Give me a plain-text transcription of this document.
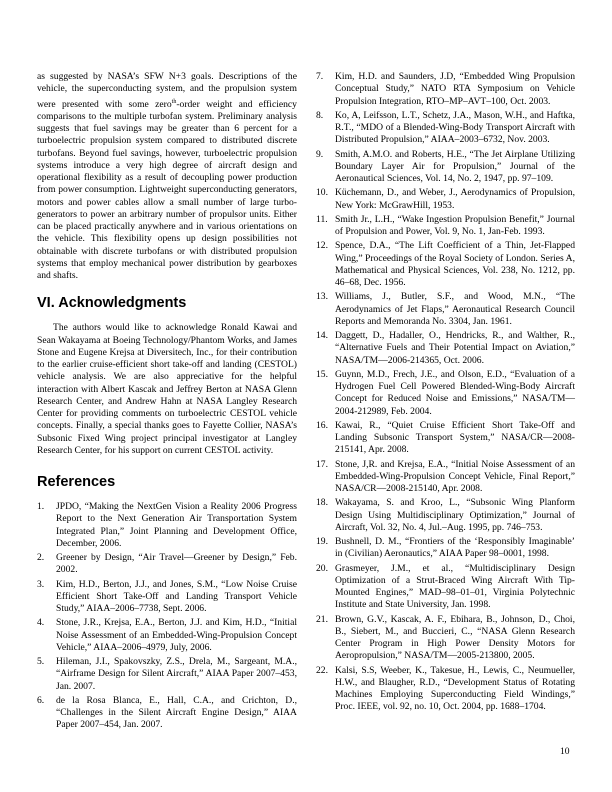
as suggested by NASA’s SFW N+3 goals. Descriptions of the vehicle, the superconducting system, and the propulsion system were presented with some zero$^{th}$-order weight and efficiency comparisons to the multiple turbofan system. Preliminary analysis suggests that fuel savings may be greater than 6 percent for a turboelectric propulsion system compared to distributed discrete turbofans. Beyond fuel savings, however, turboelectric propulsion systems introduce a very high degree of aircraft design and operational flexibility as a result of decoupling power production from power consumption. Lightweight superconducting generators, motors and power cables allow a small number of large turbo-generators to power an arbitrary number of propulsor units. Either can be placed practically anywhere and in various orientations on the vehicle. This flexibility opens up design possibilities not obtainable with discrete turbofans or with distributed propulsion systems that employ mechanical power distribution by gearboxes and shafts.

VI. Acknowledgments

The authors would like to acknowledge Ronald Kawai and Sean Wakayama at Boeing Technology/Phantom Works, and James Stone and Eugene Krejsa at Diversitech, Inc., for their contribution to the earlier cruise-efficient short take-off and landing (CESTOL) vehicle analysis. We are also appreciative for the helpful interaction with Albert Kascak and Jeffrey Berton at NASA Glenn Research Center, and Andrew Hahn at NASA Langley Research Center for providing comments on turboelectric CESTOL vehicle concepts. Finally, a special thanks goes to Fayette Collier, NASA’s Subsonic Fixed Wing project principal investigator at Langley Research Center, for his support on current CESTOL activity.

References
1.	JPDO, “Making the NextGen Vision a Reality 2006 Progress Report to the Next Generation Air Transportation System Integrated Plan,” Joint Planning and Development Office, December, 2006.
2.	Greener by Design, “Air Travel—Greener by Design,” Feb. 2002.
3.	Kim, H.D., Berton, J.J., and Jones, S.M., “Low Noise Cruise Efficient Short Take-Off and Landing Transport Vehicle Study,” AIAA–2006–7738, Sept. 2006.
4.	Stone, J.R., Krejsa, E.A., Berton, J.J. and Kim, H.D., “Initial Noise Assessment of an Embedded-Wing-Propulsion Concept Vehicle,” AIAA–2006–4979, July, 2006.
5.	Hileman, J.I., Spakovszky, Z.S., Drela, M., Sargeant, M.A., “Airframe Design for Silent Aircraft,” AIAA Paper 2007–453, Jan. 2007.
6.	de la Rosa Blanca, E., Hall, C.A., and Crichton, D., “Challenges in the Silent Aircraft Engine Design,” AIAA Paper 2007–454, Jan. 2007.
7.	Kim, H.D. and Saunders, J.D, “Embedded Wing Propulsion Conceptual Study,” NATO RTA Symposium on Vehicle Propulsion Integration, RTO–MP–AVT–100, Oct. 2003.
8.	Ko, A, Leifsson, L.T., Schetz, J.A., Mason, W.H., and Haftka, R.T., “MDO of a Blended-Wing-Body Transport Aircraft with Distributed Propulsion,” AIAA–2003–6732, Nov. 2003.
9.	Smith, A.M.O. and Roberts, H.E., “The Jet Airplane Utilizing Boundary Layer Air for Propulsion,” Journal of the Aeronautical Sciences, Vol. 14, No. 2, 1947, pp. 97–109.
10. Küchemann, D., and Weber, J., Aerodynamics of Propulsion, New York: McGrawHill, 1953.
11. Smith Jr., L.H., “Wake Ingestion Propulsion Benefit,” Journal of Propulsion and Power, Vol. 9, No. 1, Jan-Feb. 1993.
12. Spence, D.A., “The Lift Coefficient of a Thin, Jet-Flapped Wing,” Proceedings of the Royal Society of London. Series A, Mathematical and Physical Sciences, Vol. 238, No. 1212, pp. 46–68, Dec. 1956.
13. Williams, J., Butler, S.F., and Wood, M.N., “The Aerodynamics of Jet Flaps,” Aeronautical Research Council Reports and Memoranda No. 3304, Jan. 1961.
14. Daggett, D., Hadaller, O., Hendricks, R., and Walther, R., “Alternative Fuels and Their Potential Impact on Aviation,” NASA/TM—2006-214365, Oct. 2006.
15. Guynn, M.D., Frech, J.E., and Olson, E.D., “Evaluation of a Hydrogen Fuel Cell Powered Blended-Wing-Body Aircraft Concept for Reduced Noise and Emissions,” NASA/TM—2004-212989, Feb. 2004.
16. Kawai, R., “Quiet Cruise Efficient Short Take-Off and Landing Subsonic Transport System,” NASA/CR—2008-215141, Apr. 2008.
17. Stone, J,R. and Krejsa, E.A., “Initial Noise Assessment of an Embedded-Wing-Propulsion Concept Vehicle, Final Report,” NASA/CR—2008-215140, Apr. 2008.
18. Wakayama, S. and Kroo, L., “Subsonic Wing Planform Design Using Multidisciplinary Optimization,” Journal of Aircraft, Vol. 32, No. 4, Jul.–Aug. 1995, pp. 746–753.
19. Bushnell, D. M., “Frontiers of the ‘Responsibly Imaginable’ in (Civilian) Aeronautics,” AIAA Paper 98–0001, 1998.
20. Grasmeyer, J.M., et al., “Multidisciplinary Design Optimization of a Strut-Braced Wing Aircraft With Tip-Mounted Engines,” MAD–98–01–01, Virginia Polytechnic Institute and State University, Jan. 1998.
21. Brown, G.V., Kascak, A. F., Ebihara, B., Johnson, D., Choi, B., Siebert, M., and Buccieri, C., “NASA Glenn Research Center Program in High Power Density Motors for Aeropropulsion,” NASA/TM—2005-213800, 2005.
22. Kalsi, S.S, Weeber, K., Takesue, H., Lewis, C., Neumueller, H.W., and Blaugher, R.D., “Development Status of Rotating Machines Employing Superconducting Field Windings,” Proc. IEEE, vol. 92, no. 10, Oct. 2004, pp. 1688–1704.
10
